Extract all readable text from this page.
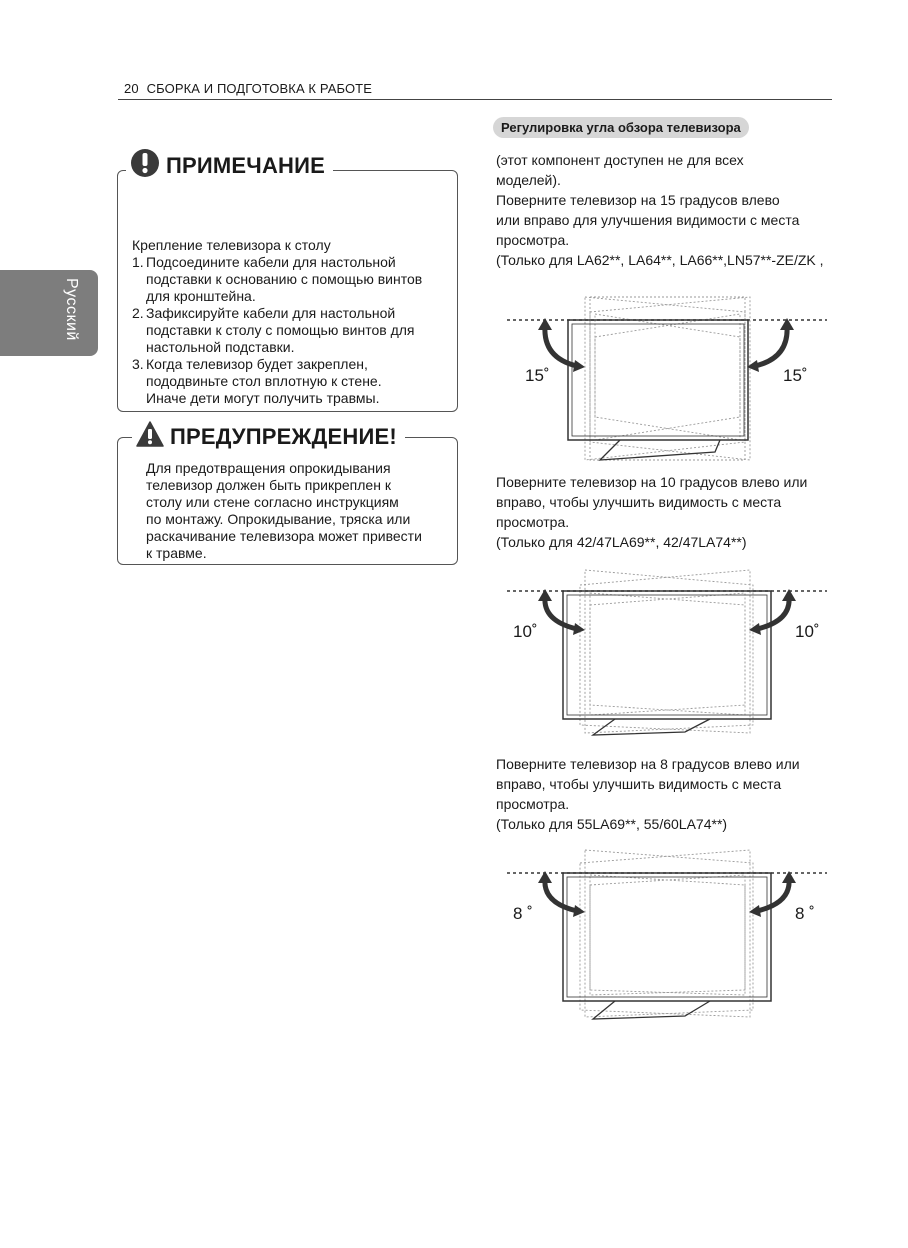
20 СБОРКА И ПОДГОТОВКА К РАБОТЕ
Русский
ПРИМЕЧАНИЕ
Крепление телевизора к столу
1. Подсоедините кабели для настольной
подставки к основанию с помощью винтов
для кронштейна.
2. Зафиксируйте кабели для настольной
подставки к столу с помощью винтов для
настольной подставки.
3. Когда телевизор будет закреплен,
пододвиньте стол вплотную к стене.
Иначе дети могут получить травмы.
ПРЕДУПРЕЖДЕНИЕ!
Для предотвращения опрокидывания
телевизор должен быть прикреплен к
столу или стене согласно инструкциям
по монтажу. Опрокидывание, тряска или
раскачивание телевизора может привести
к травме.
Регулировка угла обзора телевизора
(этот компонент доступен не для всех
моделей).
Поверните телевизор на 15 градусов влево
или вправо для улучшения видимости с места
просмотра.
(Только для LA62**, LA64**, LA66**,LN57**-ZE/ZK ,
15˚	15˚
Поверните телевизор на 10 градусов влево или
вправо, чтобы улучшить видимость с места
просмотра.
(Только для 42/47LA69**, 42/47LA74**)
10˚	10˚
Поверните телевизор на 8 градусов влево или
вправо, чтобы улучшить видимость с места
просмотра.
(Только для 55LA69**, 55/60LA74**)
8 ˚	8 ˚
